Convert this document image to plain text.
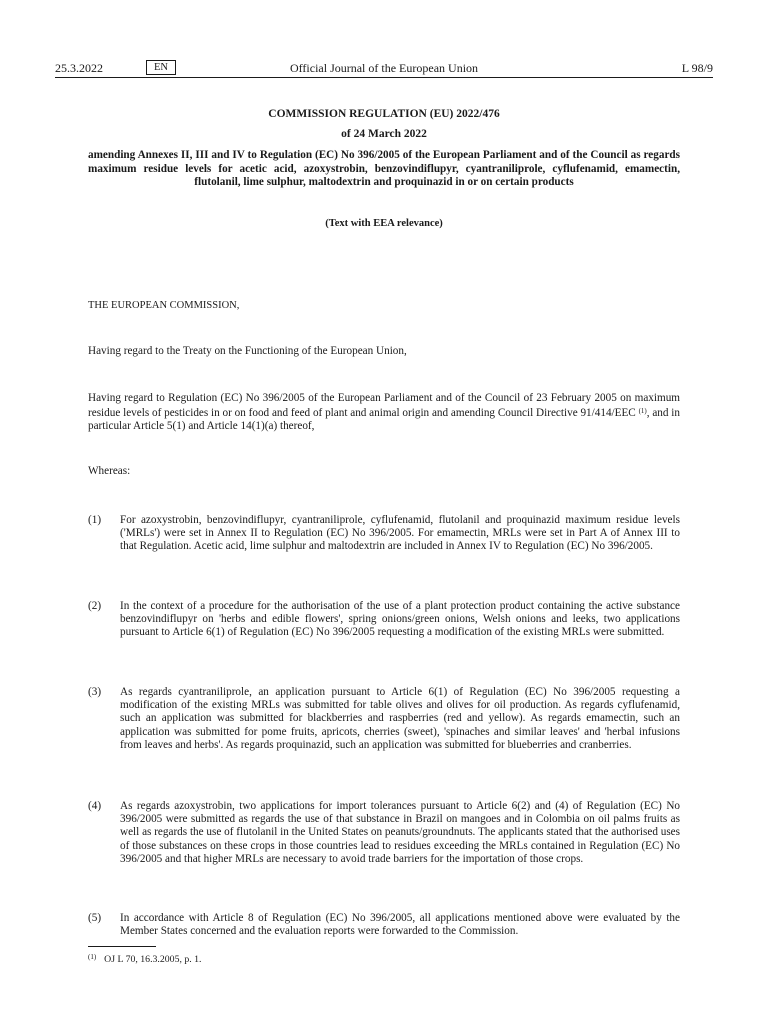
25.3.2022	EN	Official Journal of the European Union	L 98/9
COMMISSION REGULATION (EU) 2022/476
of 24 March 2022
amending Annexes II, III and IV to Regulation (EC) No 396/2005 of the European Parliament and of the Council as regards maximum residue levels for acetic acid, azoxystrobin, benzovindiflupyr, cyantraniliprole, cyflufenamid, emamectin, flutolanil, lime sulphur, maltodextrin and proquinazid in or on certain products
(Text with EEA relevance)
THE EUROPEAN COMMISSION,
Having regard to the Treaty on the Functioning of the European Union,
Having regard to Regulation (EC) No 396/2005 of the European Parliament and of the Council of 23 February 2005 on maximum residue levels of pesticides in or on food and feed of plant and animal origin and amending Council Directive 91/414/EEC $^{(1)}$, and in particular Article 5(1) and Article 14(1)(a) thereof,
Whereas:
(1) For azoxystrobin, benzovindiflupyr, cyantraniliprole, cyflufenamid, flutolanil and proquinazid maximum residue levels ('MRLs') were set in Annex II to Regulation (EC) No 396/2005. For emamectin, MRLs were set in Part A of Annex III to that Regulation. Acetic acid, lime sulphur and maltodextrin are included in Annex IV to Regulation (EC) No 396/2005.
(2) In the context of a procedure for the authorisation of the use of a plant protection product containing the active substance benzovindiflupyr on 'herbs and edible flowers', spring onions/green onions, Welsh onions and leeks, two applications pursuant to Article 6(1) of Regulation (EC) No 396/2005 requesting a modification of the existing MRLs were submitted.
(3) As regards cyantraniliprole, an application pursuant to Article 6(1) of Regulation (EC) No 396/2005 requesting a modification of the existing MRLs was submitted for table olives and olives for oil production. As regards cyflufenamid, such an application was submitted for blackberries and raspberries (red and yellow). As regards emamectin, such an application was submitted for pome fruits, apricots, cherries (sweet), 'spinaches and similar leaves' and 'herbal infusions from leaves and herbs'. As regards proquinazid, such an application was submitted for blueberries and cranberries.
(4) As regards azoxystrobin, two applications for import tolerances pursuant to Article 6(2) and (4) of Regulation (EC) No 396/2005 were submitted as regards the use of that substance in Brazil on mangoes and in Colombia on oil palms fruits as well as regards the use of flutolanil in the United States on peanuts/groundnuts. The applicants stated that the authorised uses of those substances on these crops in those countries lead to residues exceeding the MRLs contained in Regulation (EC) No 396/2005 and that higher MRLs are necessary to avoid trade barriers for the importation of those crops.
(5) In accordance with Article 8 of Regulation (EC) No 396/2005, all applications mentioned above were evaluated by the Member States concerned and the evaluation reports were forwarded to the Commission.
$^{(1)}$ OJ L 70, 16.3.2005, p. 1.
